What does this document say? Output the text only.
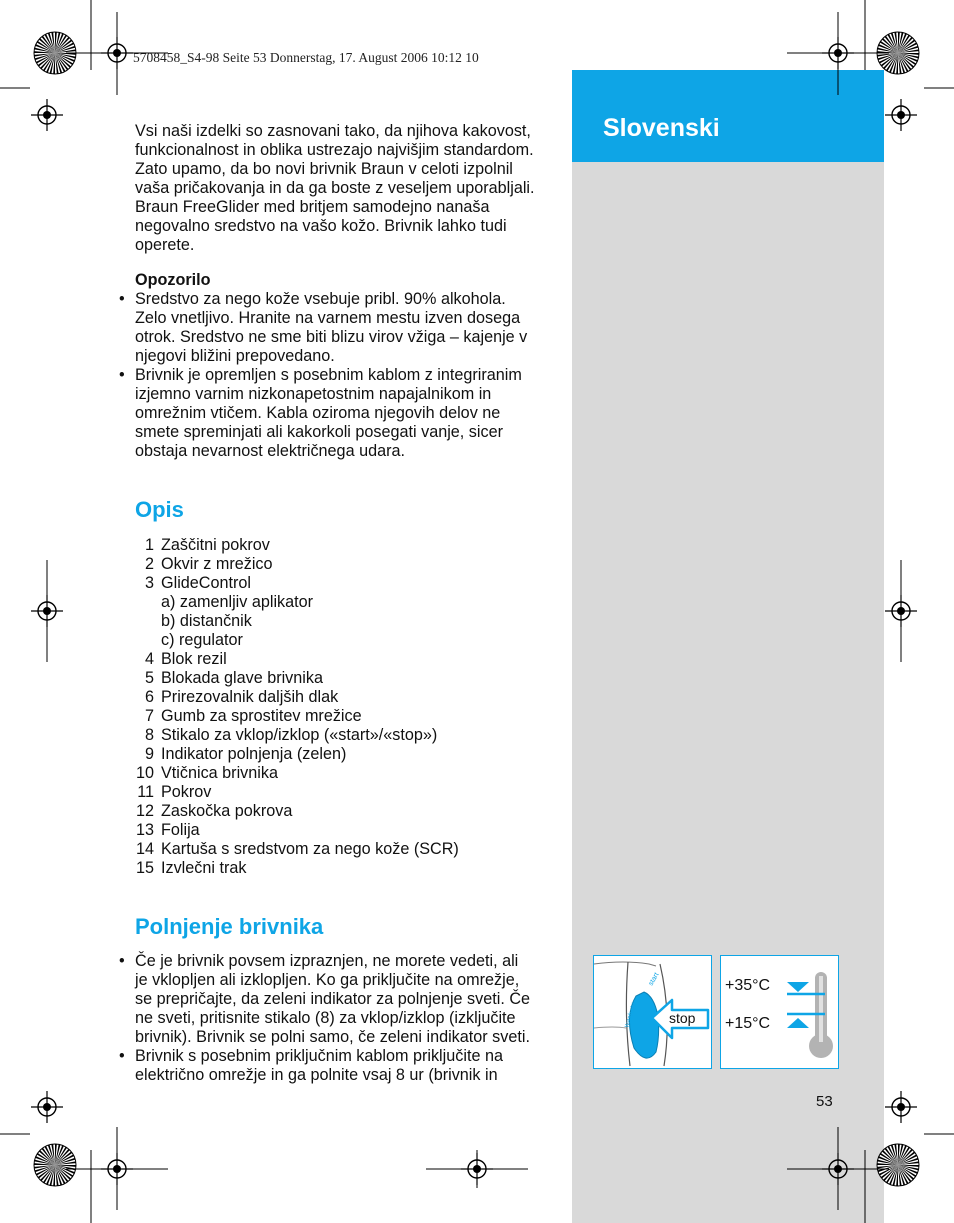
5708458_S4-98 Seite 53 Donnerstag, 17. August 2006 10:12 10
Slovenski
Vsi naši izdelki so zasnovani tako, da njihova kakovost,
funkcionalnost in oblika ustrezajo najvišjim standardom.
Zato upamo, da bo novi brivnik Braun v celoti izpolnil
vaša pričakovanja in da ga boste z veseljem uporabljali.
Braun FreeGlider med britjem samodejno nanaša
negovalno sredstvo na vašo kožo. Brivnik lahko tudi
operete.
Opozorilo
• Sredstvo za nego kože vsebuje pribl. 90% alkohola.
Zelo vnetljivo. Hranite na varnem mestu izven dosega
otrok. Sredstvo ne sme biti blizu virov vžiga – kajenje v
njegovi bližini prepovedano.
• Brivnik je opremljen s posebnim kablom z integriranim
izjemno varnim nizkonapetostnim napajalnikom in
omrežnim vtičem. Kabla oziroma njegovih delov ne
smete spreminjati ali kakorkoli posegati vanje, sicer
obstaja nevarnost električnega udara.
Opis
1 Zaščitni pokrov
2 Okvir z mrežico
3 GlideControl
a) zamenljiv aplikator
b) distančnik
c) regulator
4 Blok rezil
5 Blokada glave brivnika
6 Prirezovalnik daljših dlak
7 Gumb za sprostitev mrežice
8 Stikalo za vklop/izklop («start»/«stop»)
9 Indikator polnjenja (zelen)
10 Vtičnica brivnika
11 Pokrov
12 Zaskočka pokrova
13 Folija
14 Kartuša s sredstvom za nego kože (SCR)
15 Izvlečni trak
Polnjenje brivnika
• Če je brivnik povsem izpraznjen, ne morete vedeti, ali
je vklopljen ali izklopljen. Ko ga priključite na omrežje,
se prepričajte, da zeleni indikator za polnjenje sveti. Če
ne sveti, pritisnite stikalo (8) za vklop/izklop (izključite
brivnik). Brivnik se polni samo, če zeleni indikator sveti.
• Brivnik s posebnim priključnim kablom priključite na
električno omrežje in ga polnite vsaj 8 ur (brivnik in
washable
start
stop
+35°C
+15°C
53
